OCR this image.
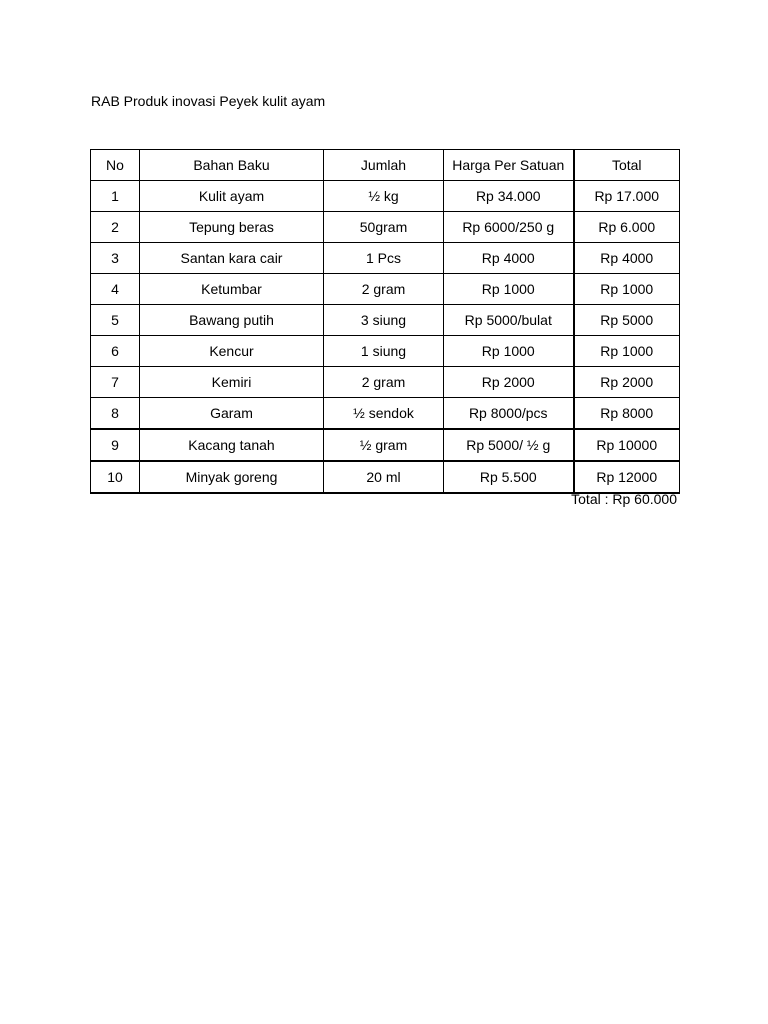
RAB Produk inovasi Peyek kulit ayam
No	Bahan Baku	Jumlah	Harga Per Satuan	Total
1	Kulit ayam	½ kg	Rp 34.000	Rp 17.000
2	Tepung beras	50gram	Rp 6000/250 g	Rp 6.000
3	Santan kara cair	1 Pcs	Rp 4000	Rp 4000
4	Ketumbar	2 gram	Rp 1000	Rp 1000
5	Bawang putih	3 siung	Rp 5000/bulat	Rp 5000
6	Kencur	1 siung	Rp 1000	Rp 1000
7	Kemiri	2 gram	Rp 2000	Rp 2000
8	Garam	½ sendok	Rp 8000/pcs	Rp 8000
9	Kacang tanah	½ gram	Rp 5000/ ½ g	Rp 10000
10	Minyak goreng	20 ml	Rp 5.500	Rp 12000
Total : Rp 60.000
